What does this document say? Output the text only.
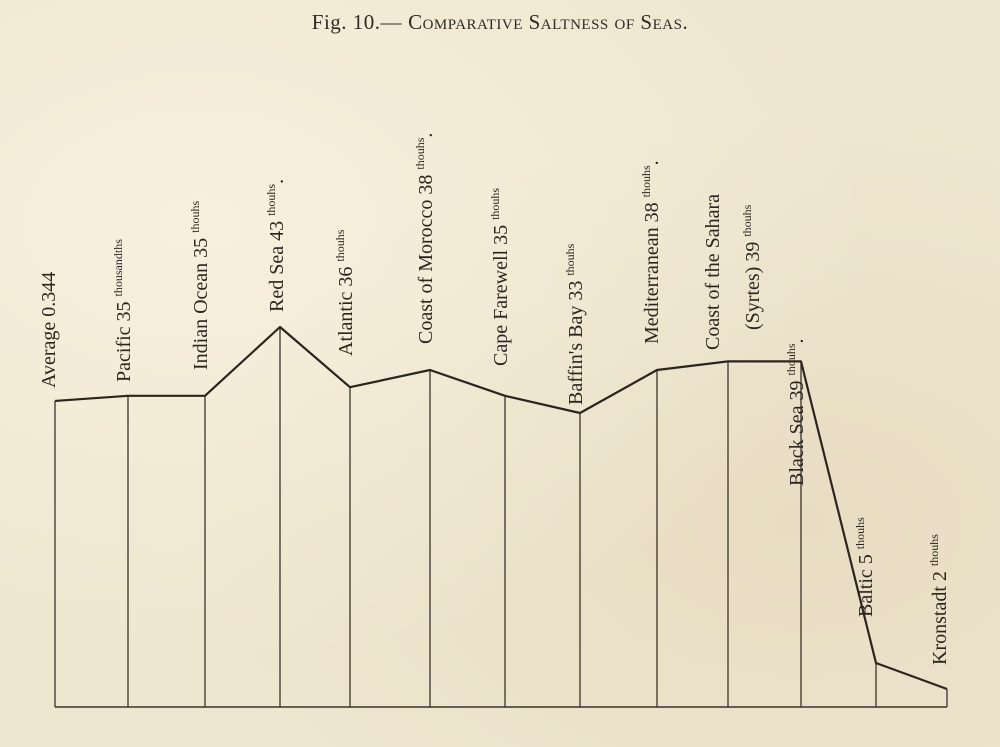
Fig. 10.— Comparative Saltness of Seas.
Average 0.344
Pacific 35 $^{thousandths}$	Indian Ocean 35 $^{thou}$hs
Red Sea 43 $^{thou}$hs.
Atlantic 36 $^{thou}$hs	Coast of Morocco 38 $^{thou}$hs.
Cape Farewell 35 $^{thou}$hs
Baffin's Bay 33 $^{thou}$hs	Mediterranean 38 $^{thou}$hs.
Coast of the Sahara (Syrtes) 39 $^{thou}$hs
Black Sea 39 $^{thou}$hs.
Baltic 5 $^{thou}$hs
Kronstadt 2 $^{thou}$hs
